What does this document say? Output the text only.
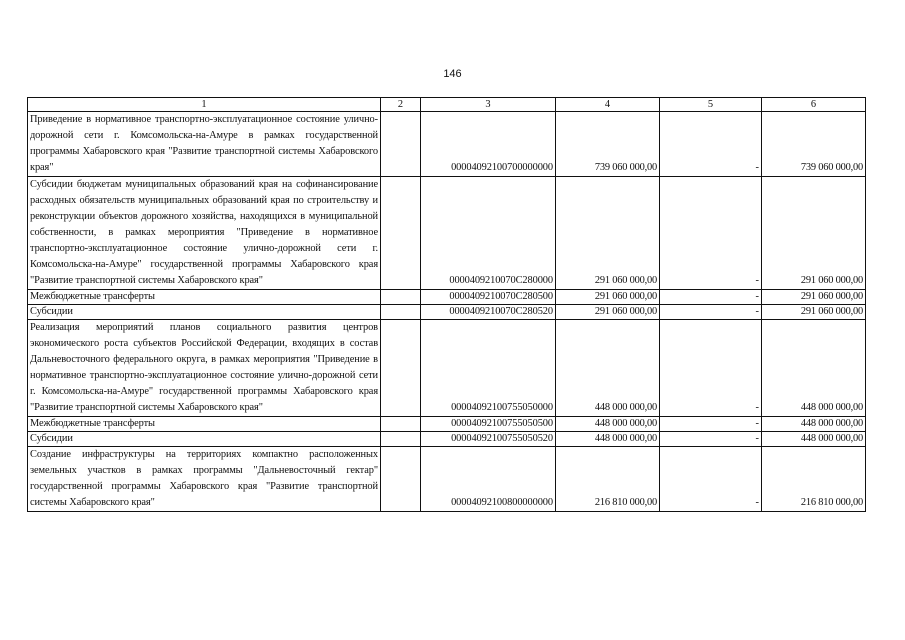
146
1	2	3	4	5	6
Приведение в нормативное транспортно-эксплуатационное состояние улично-дорожной сети г. Комсомольска-на-Амуре в рамках государственной программы Хабаровского края "Развитие транспортной системы Хабаровского края"		00004092100700000000	739 060 000,00	-	739 060 000,00
Субсидии бюджетам муниципальных образований края на софинансирование расходных обязательств муниципальных образований края по строительству и реконструкции объектов дорожного хозяйства, находящихся в муниципальной собственности, в рамках мероприятия "Приведение в нормативное транспортно-эксплуатационное состояние улично-дорожной сети г. Комсомольска-на-Амуре" государственной программы Хабаровского края "Развитие транспортной системы Хабаровского края"		0000409210070C280000	291 060 000,00	-	291 060 000,00
Межбюджетные трансферты		0000409210070C280500	291 060 000,00	-	291 060 000,00
Субсидии		0000409210070C280520	291 060 000,00	-	291 060 000,00
Реализация мероприятий планов социального развития центров экономического роста субъектов Российской Федерации, входящих в состав Дальневосточного федерального округа, в рамках мероприятия "Приведение в нормативное транспортно-эксплуатационное состояние улично-дорожной сети г. Комсомольска-на-Амуре" государственной программы Хабаровского края "Развитие транспортной системы Хабаровского края"		00004092100755050000	448 000 000,00	-	448 000 000,00
Межбюджетные трансферты		00004092100755050500	448 000 000,00	-	448 000 000,00
Субсидии		00004092100755050520	448 000 000,00	-	448 000 000,00
Создание инфраструктуры на территориях компактно расположенных земельных участков в рамках программы "Дальневосточный гектар" государственной программы Хабаровского края "Развитие транспортной системы Хабаровского края"		00004092100800000000	216 810 000,00	-	216 810 000,00
